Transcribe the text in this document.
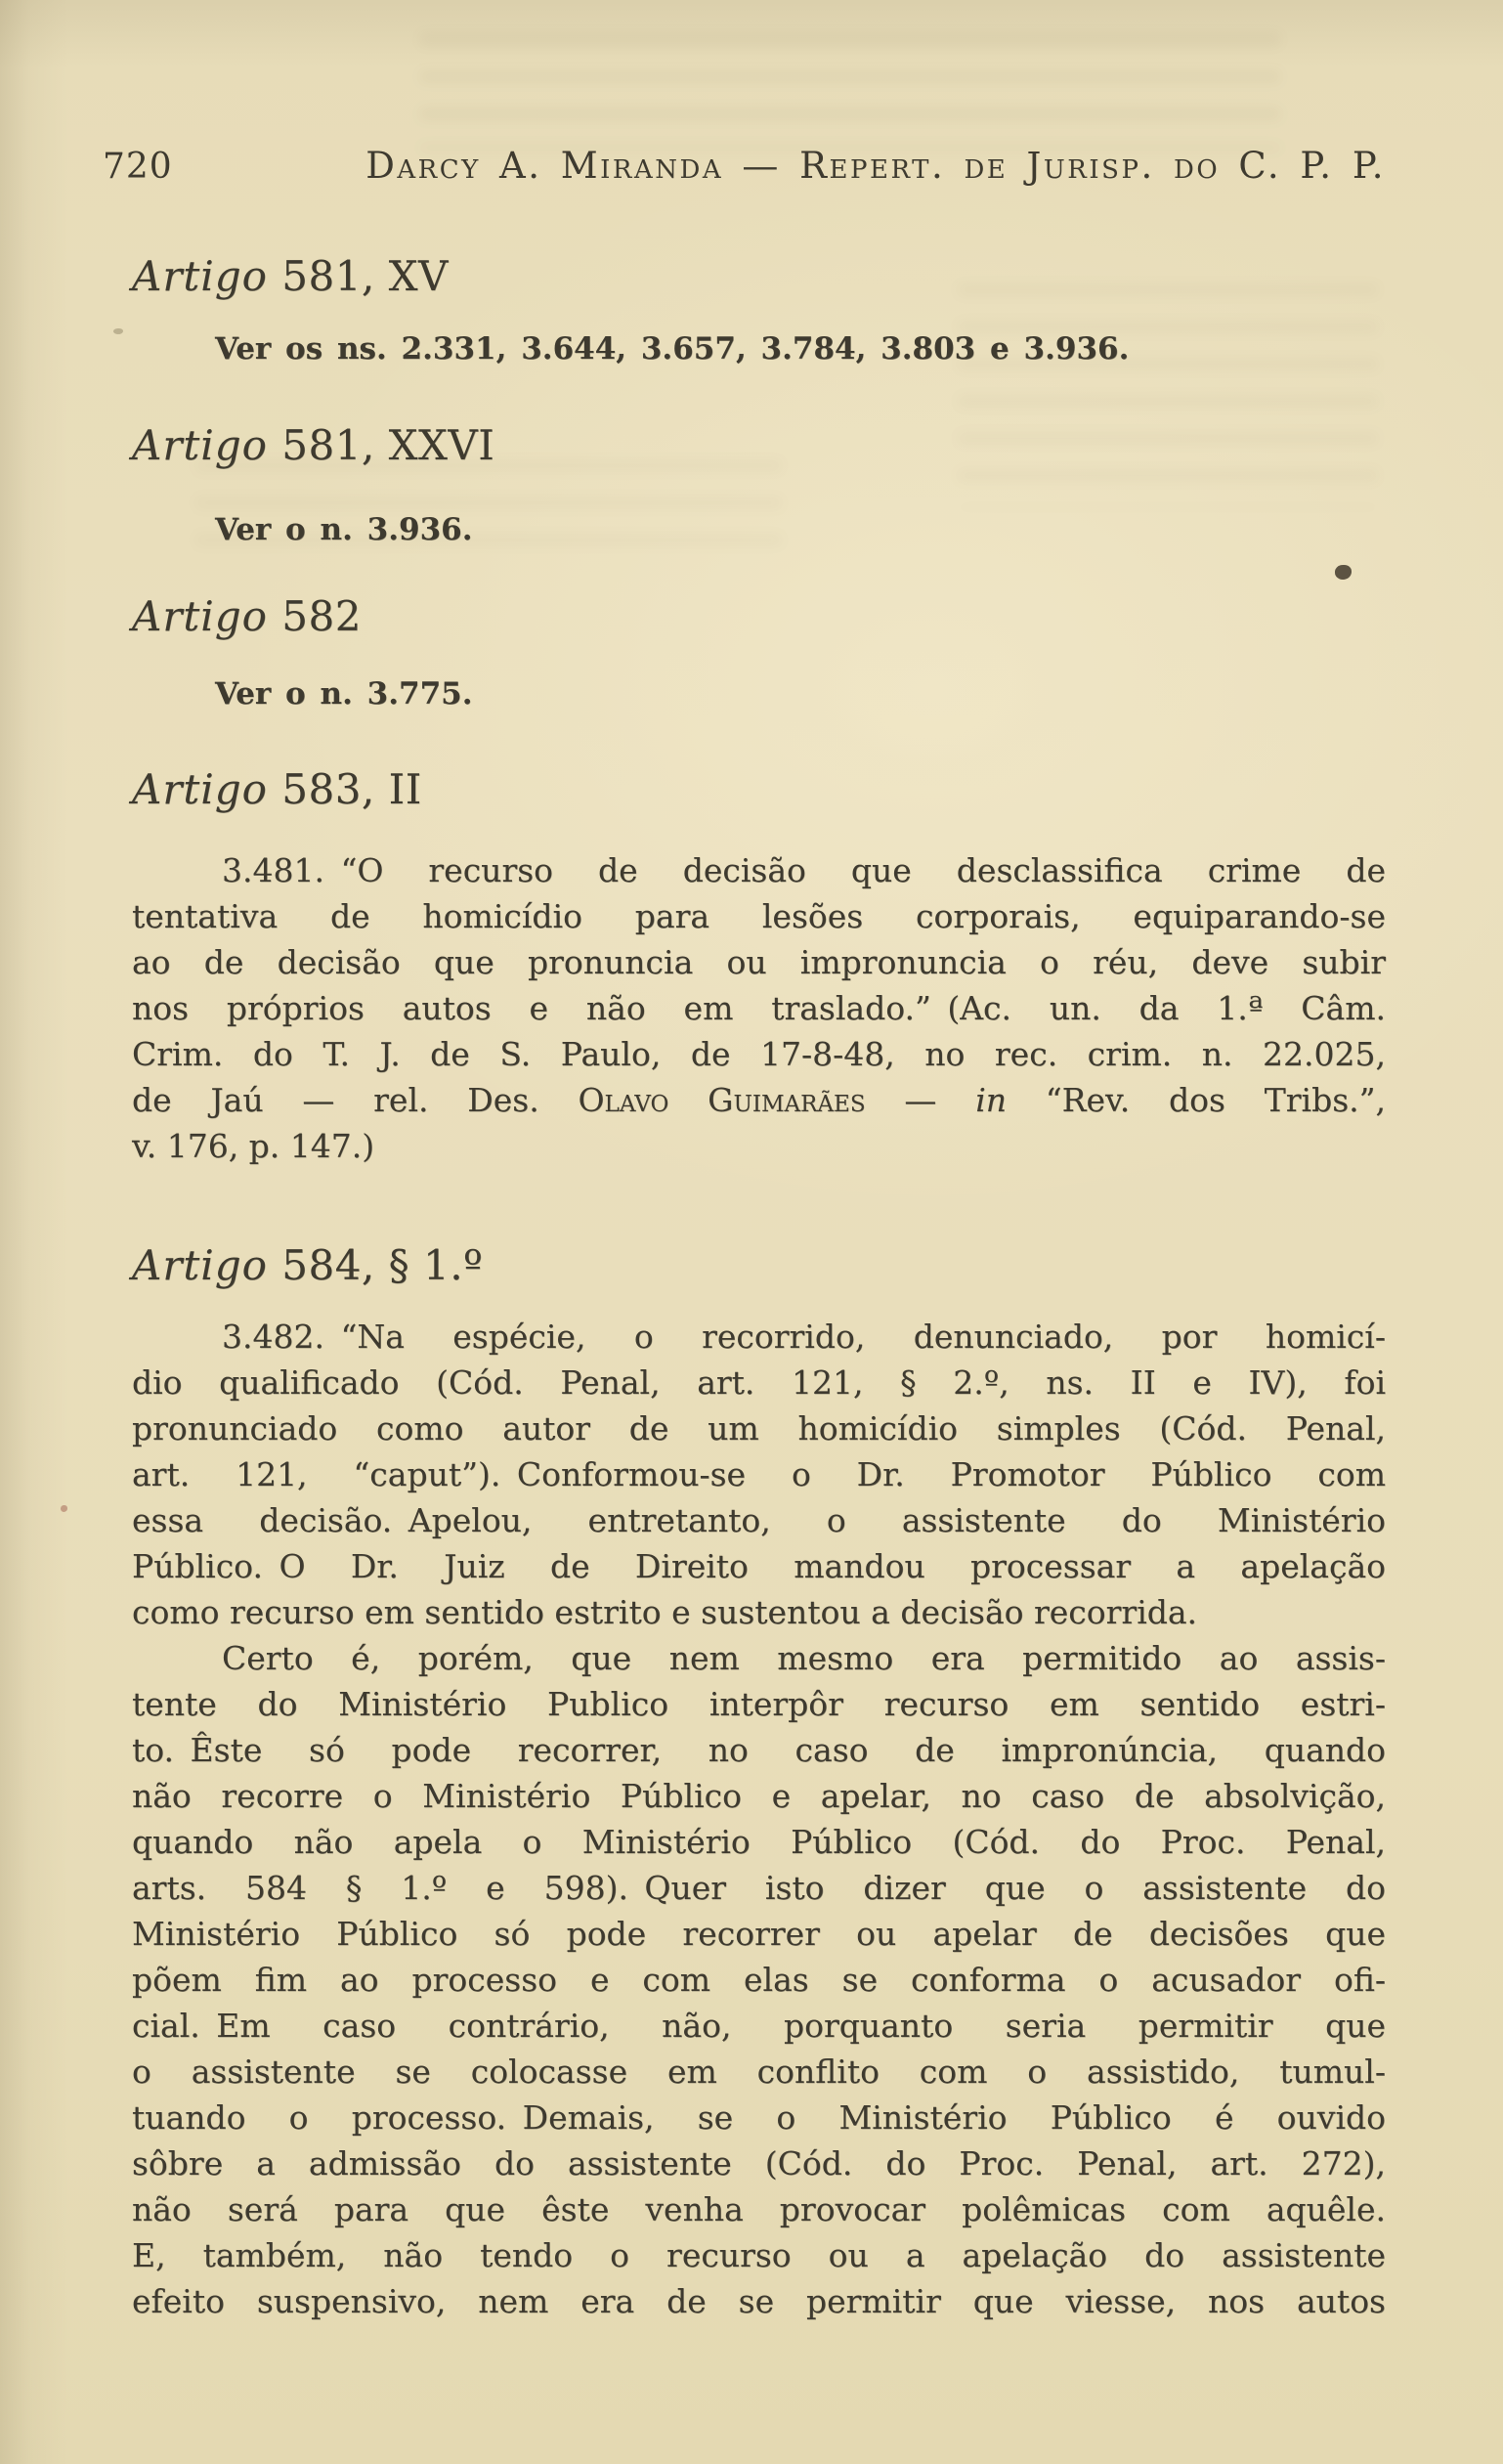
720	Darcy A. Miranda — Repert. de Jurisp. do C. P. P.
Artigo 581, XV
Ver os ns. 2.331, 3.644, 3.657, 3.784, 3.803 e 3.936.
Artigo 581, XXVI
Ver o n. 3.936.
Artigo 582
Ver o n. 3.775.
Artigo 583, II
3.481. “O recurso de decisão que desclassifica crime de
tentativa de homicídio para lesões corporais, equiparando-se
ao de decisão que pronuncia ou impronuncia o réu, deve subir
nos próprios autos e não em traslado.” (Ac. un. da 1.ª Câm.
Crim. do T. J. de S. Paulo, de 17-8-48, no rec. crim. n. 22.025,
de Jaú — rel. Des. Olavo Guimarães — in “Rev. dos Tribs.”,
v. 176, p. 147.)
Artigo 584, § 1.º
3.482. “Na espécie, o recorrido, denunciado, por homicí-
dio qualificado (Cód. Penal, art. 121, § 2.º, ns. II e IV), foi
pronunciado como autor de um homicídio simples (Cód. Penal,
art. 121, “caput”). Conformou-se o Dr. Promotor Público com
essa decisão. Apelou, entretanto, o assistente do Ministério
Público. O Dr. Juiz de Direito mandou processar a apelação
como recurso em sentido estrito e sustentou a decisão recorrida.
Certo é, porém, que nem mesmo era permitido ao assis-
tente do Ministério Publico interpôr recurso em sentido estri-
to. Êste só pode recorrer, no caso de impronúncia, quando
não recorre o Ministério Público e apelar, no caso de absolvição,
quando não apela o Ministério Público (Cód. do Proc. Penal,
arts. 584 § 1.º e 598). Quer isto dizer que o assistente do
Ministério Público só pode recorrer ou apelar de decisões que
põem fim ao processo e com elas se conforma o acusador ofi-
cial. Em caso contrário, não, porquanto seria permitir que
o assistente se colocasse em conflito com o assistido, tumul-
tuando o processo. Demais, se o Ministério Público é ouvido
sôbre a admissão do assistente (Cód. do Proc. Penal, art. 272),
não será para que êste venha provocar polêmicas com aquêle.
E, também, não tendo o recurso ou a apelação do assistente
efeito suspensivo, nem era de se permitir que viesse, nos autos
